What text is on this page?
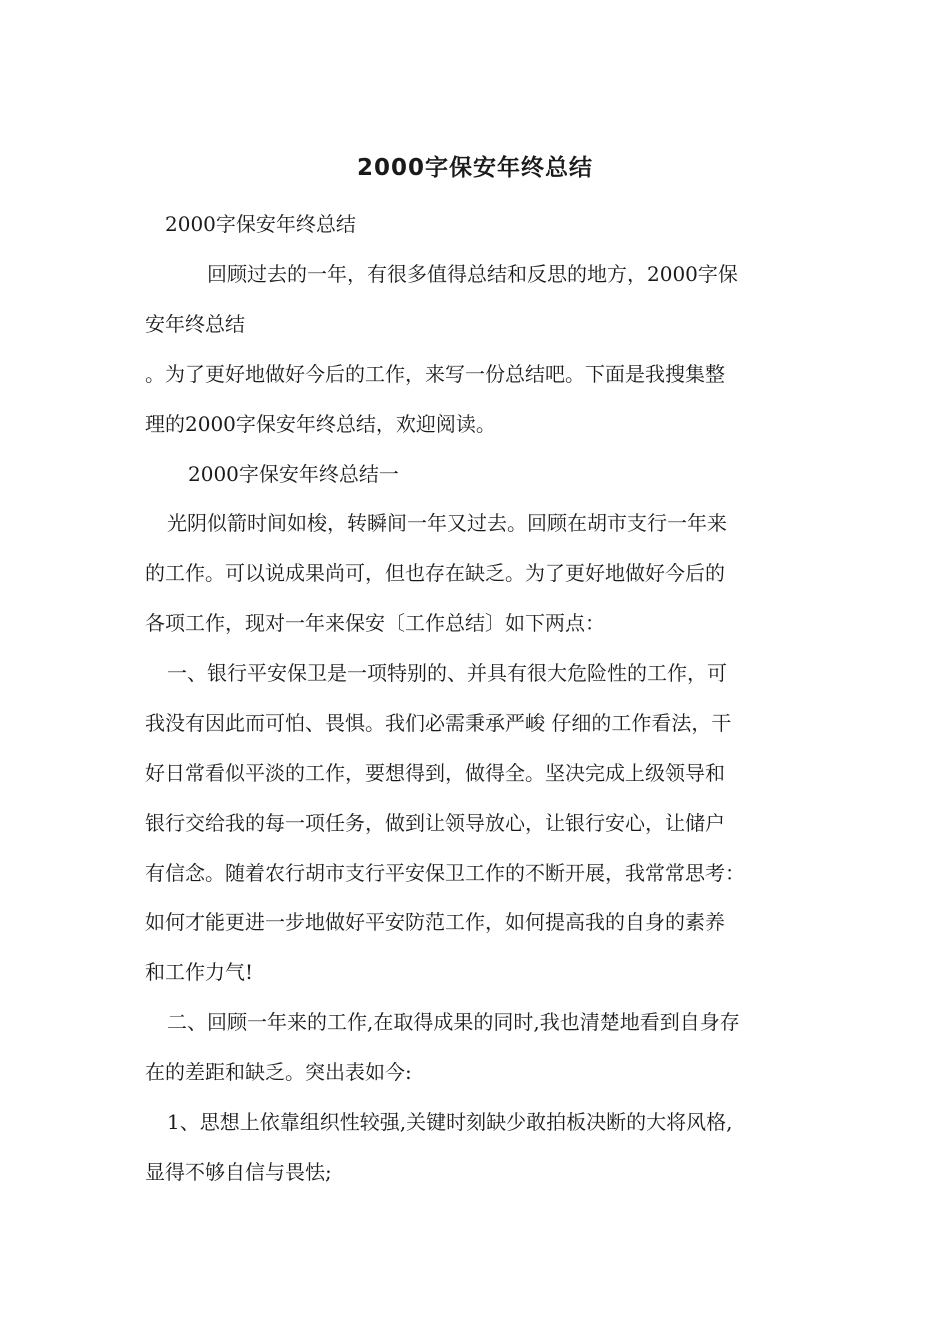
2000字保安年终总结

2000字保安年终总结

回顾过去的一年，有很多值得总结和反思的地方，2000字保

安年终总结

。为了更好地做好今后的工作，来写一份总结吧。下面是我搜集整

理的2000字保安年终总结，欢迎阅读。

2000字保安年终总结一

光阴似箭时间如梭，转瞬间一年又过去。回顾在胡市支行一年来

的工作。可以说成果尚可，但也存在缺乏。为了更好地做好今后的

各项工作，现对一年来保安〔工作总结〕如下两点：

一、银行平安保卫是一项特别的、并具有很大危险性的工作，可

我没有因此而可怕、畏惧。我们必需秉承严峻 仔细的工作看法，干

好日常看似平淡的工作，要想得到，做得全。坚决完成上级领导和

银行交给我的每一项任务，做到让领导放心，让银行安心，让储户

有信念。随着农行胡市支行平安保卫工作的不断开展，我常常思考：

如何才能更进一步地做好平安防范工作，如何提高我的自身的素养

和工作力气!

二、回顾一年来的工作,在取得成果的同时,我也清楚地看到自身存

在的差距和缺乏。突出表如今:

1、思想上依靠组织性较强,关键时刻缺少敢拍板决断的大将风格,

显得不够自信与畏怯;
